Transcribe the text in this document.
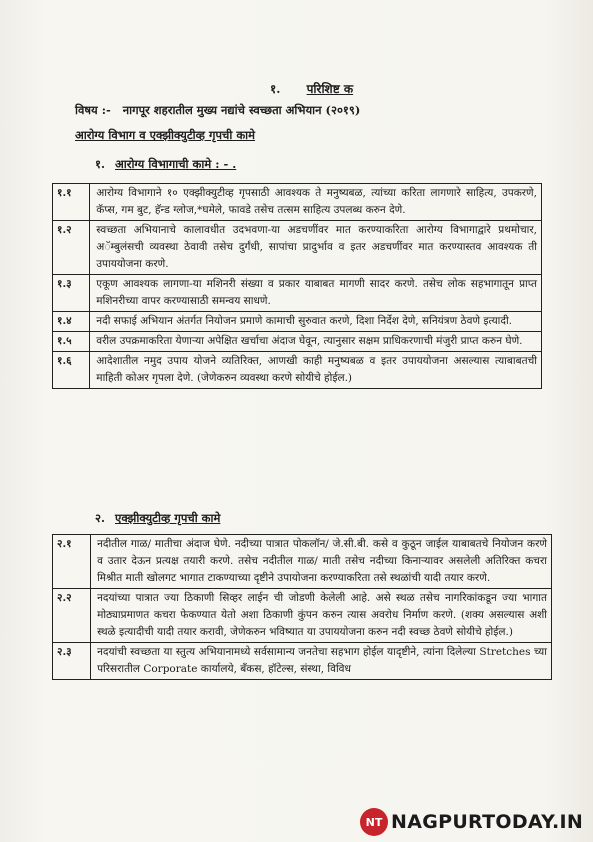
१. परिशिष्ट क
विषय :- नागपूर शहरातील मुख्य नद्यांचे स्वच्छता अभियान (२०१९)
आरोग्य विभाग व एक्झीक्युटीव्ह गृपची कामे
१. आरोग्य विभागाची कामे : - .
१.१	आरोग्य विभागाने १० एक्झीक्युटीव्ह गृपसाठी आवश्यक ते मनुष्यबळ, त्यांच्या करिता लागणारे साहित्य, उपकरणे, कॅप्स, गम बुट, हॅन्ड ग्लोज,*घमेले, फावडे तसेच तत्सम साहित्य उपलब्ध करुन देणे.
१.२	स्वच्छता अभियानाचे कालावधीत उदभवणा-या अडचणींवर मात करण्याकरिता आरोग्य विभागाद्वारे प्रथमोचार, अॅम्बुलंसची व्यवस्था ठेवावी तसेच दुर्गंधी, सापांचा प्रादुर्भाव व इतर अडचणींवर मात करण्यास्तव आवश्यक ती उपाययोजना करणे.
१.३	एकूण आवश्यक लागणा-या मशिनरी संख्या व प्रकार याबाबत मागणी सादर करणे. तसेच लोक सहभागातून प्राप्त मशिनरीच्या वापर करण्यासाठी समन्वय साधणे.
१.४	नदी सफाई अभियान अंतर्गत नियोजन प्रमाणे कामाची सुरुवात करणे, दिशा निर्देश देणे, सनियंत्रण ठेवणे इत्यादी.
१.५	वरील उपक्रमाकरिता येणाऱ्या अपेक्षित खर्चाचा अंदाज घेवून, त्यानुसार सक्षम प्राधिकरणाची मंजुरी प्राप्त करुन घेणे.
१.६	आदेशातील नमुद उपाय योजने व्यतिरिक्त, आणखी काही मनुष्यबळ व इतर उपाययोजना असल्यास त्याबाबतची माहिती कोअर गृपला देणे. (जेणेकरुन व्यवस्था करणे सोयीचे होईल.)
२. एक्झीक्युटीव्ह गृपची कामे
२.१	नदीतील गाळ/ मातीचा अंदाज घेणे. नदीच्या पात्रात पोकलॉन/ जे.सी.बी. कसे व कुठून जाईल याबाबतचे नियोजन करणे व उतार देऊन प्रत्यक्ष तयारी करणे. तसेच नदीतील गाळ/ माती तसेच नदीच्या किनाऱ्यावर असलेली अतिरिक्त कचरा मिश्रीत माती खोलगट भागात टाकण्याच्या दृष्टीने उपायोजना करण्याकरिता तसे स्थळांची यादी तयार करणे.
२.२	नदयांच्या पात्रात ज्या ठिकाणी सिव्हर लाईन ची जोडणी केलेली आहे. असे स्थळ तसेच नागरिकांकडून ज्या भागात मोठ्याप्रमाणत कचरा फेकण्यात येतो अशा ठिकाणी कुंपन करुन त्यास अवरोध निर्माण करणे. (शक्य असल्यास अशी स्थळे इत्यादीची यादी तयार करावी, जेणेकरुन भविष्यात या उपाययोजना करुन नदी स्वच्छ ठेवणे सोयीचे होईल.)
२.३	नदयांची स्वच्छता या स्तुत्य अभियानामध्ये सर्वसामान्य जनतेचा सहभाग होईल यादृष्टीने, त्यांना दिलेल्या Stretches च्या परिसरातील Corporate कार्यालये, बँकस, हॉटेल्स, संस्था, विविध
NT NAGPURTODAY.IN
